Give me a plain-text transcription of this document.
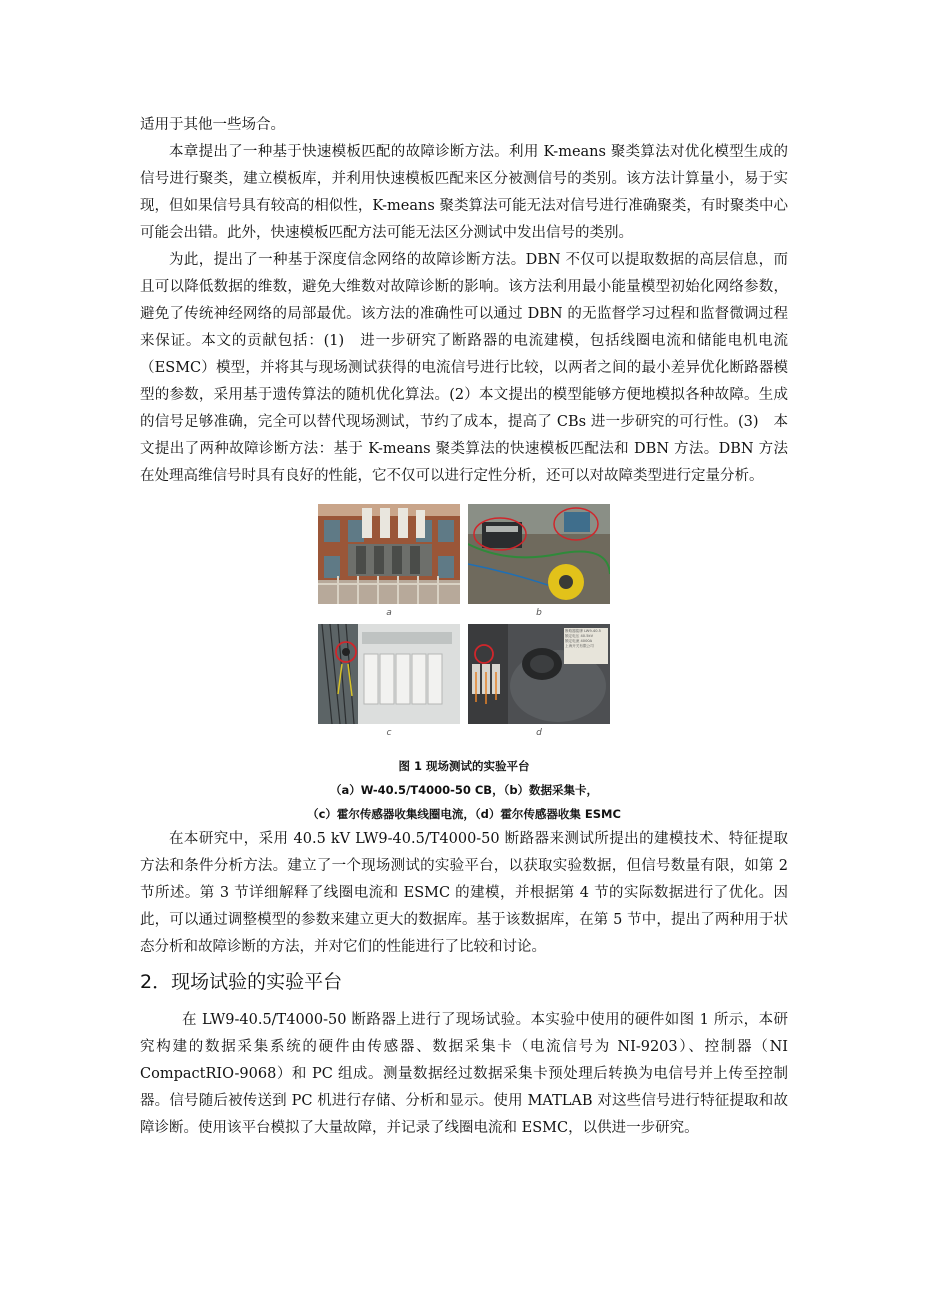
适用于其他一些场合。

本章提出了一种基于快速模板匹配的故障诊断方法。利用 K-means 聚类算法对优化模型生成的信号进行聚类，建立模板库，并利用快速模板匹配来区分被测信号的类别。该方法计算量小，易于实现，但如果信号具有较高的相似性，K-means 聚类算法可能无法对信号进行准确聚类，有时聚类中心可能会出错。此外，快速模板匹配方法可能无法区分测试中发出信号的类别。

为此，提出了一种基于深度信念网络的故障诊断方法。DBN 不仅可以提取数据的高层信息，而且可以降低数据的维数，避免大维数对故障诊断的影响。该方法利用最小能量模型初始化网络参数，避免了传统神经网络的局部最优。该方法的准确性可以通过 DBN 的无监督学习过程和监督微调过程来保证。本文的贡献包括：(1)　进一步研究了断路器的电流建模，包括线圈电流和储能电机电流（ESMC）模型，并将其与现场测试获得的电流信号进行比较，以两者之间的最小差异优化断路器模型的参数，采用基于遗传算法的随机优化算法。(2）本文提出的模型能够方便地模拟各种故障。生成的信号足够准确，完全可以替代现场测试，节约了成本，提高了 CBs 进一步研究的可行性。(3)　本文提出了两种故障诊断方法：基于 K-means 聚类算法的快速模板匹配法和 DBN 方法。DBN 方法在处理高维信号时具有良好的性能，它不仅可以进行定性分析，还可以对故障类型进行定量分析。

a	b
断路器铭牌 LW9-40.5
额定电压 40.5kV
额定电流 4000A
上海开关有限公司
c	d
图 1 现场测试的实验平台
（a）W-40.5/T4000-50 CB，（b）数据采集卡，
（c）霍尔传感器收集线圈电流，（d）霍尔传感器收集 ESMC

在本研究中，采用 40.5 kV LW9-40.5/T4000-50 断路器来测试所提出的建模技术、特征提取方法和条件分析方法。建立了一个现场测试的实验平台，以获取实验数据，但信号数量有限，如第 2 节所述。第 3 节详细解释了线圈电流和 ESMC 的建模，并根据第 4 节的实际数据进行了优化。因此，可以通过调整模型的参数来建立更大的数据库。基于该数据库，在第 5 节中，提出了两种用于状态分析和故障诊断的方法，并对它们的性能进行了比较和讨论。

2．现场试验的实验平台

在 LW9-40.5/T4000-50 断路器上进行了现场试验。本实验中使用的硬件如图 1 所示，本研究构建的数据采集系统的硬件由传感器、数据采集卡（电流信号为 NI-9203）、控制器（NI CompactRIO-9068）和 PC 组成。测量数据经过数据采集卡预处理后转换为电信号并上传至控制器。信号随后被传送到 PC 机进行存储、分析和显示。使用 MATLAB 对这些信号进行特征提取和故障诊断。使用该平台模拟了大量故障，并记录了线圈电流和 ESMC，以供进一步研究。
